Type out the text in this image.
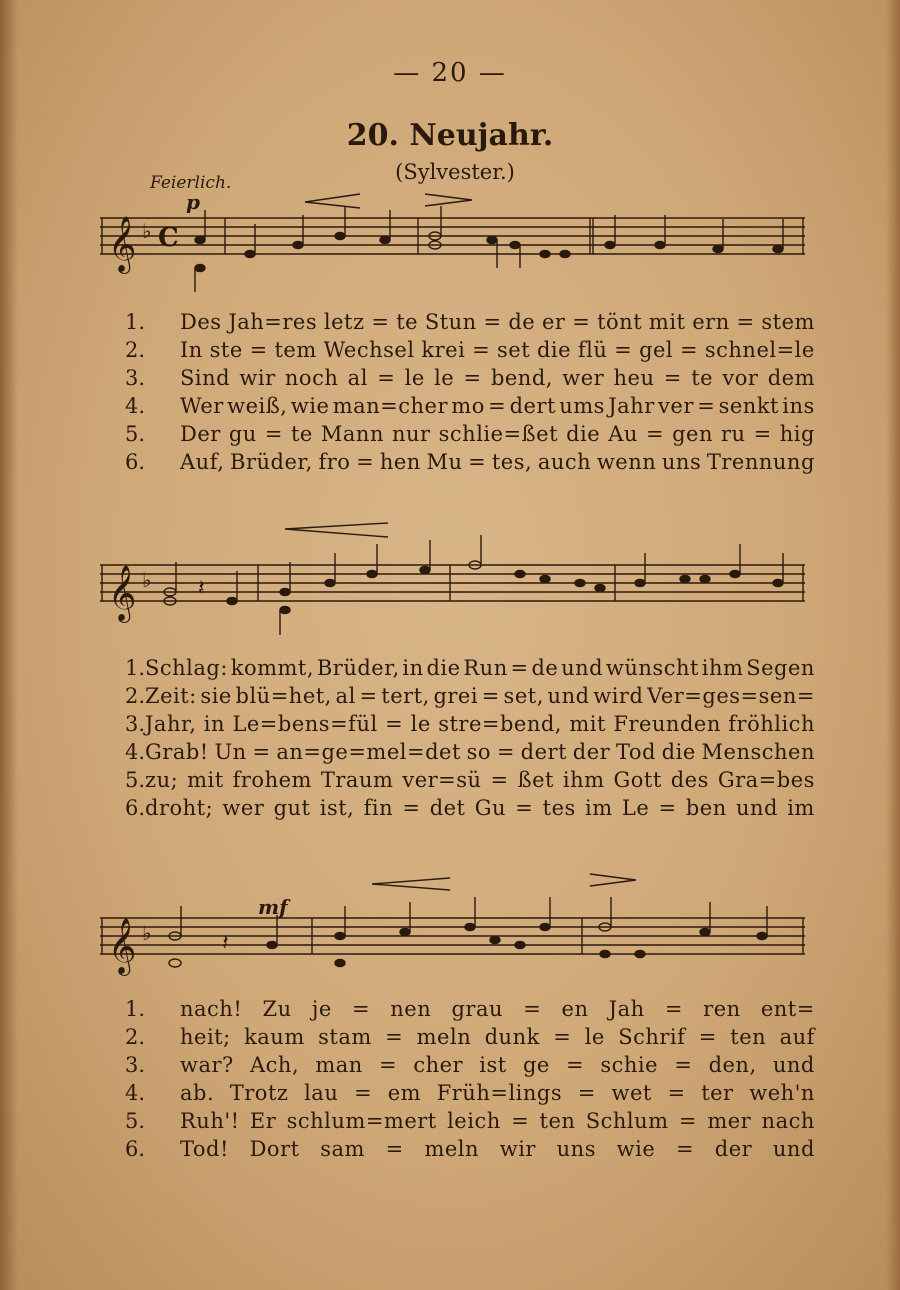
— 20 —
20. Neujahr.
(Sylvester.)
Feierlich.
p
mf
𝄞 ♭ C
1.	Des Jah=res letz = te Stun = de er = tönt mit ern = stem
2.	In ste = tem Wechsel krei = set die flü = gel = schnel=le
3.	Sind wir noch al = le le = bend, wer heu = te vor dem
4.	Wer weiß, wie man=cher mo = dert ums Jahr ver = senkt ins
5.	Der gu = te Mann nur schlie=ßet die Au = gen ru = hig
6.	Auf, Brüder, fro = hen Mu = tes, auch wenn uns Trennung
𝄞 ♭ 𝄽
1. Schlag: kommt, Brüder, in die Run = de und wünscht ihm Segen
2. Zeit: sie blü=het, al = tert, grei = set, und wird Ver=ges=sen=
3. Jahr, in Le=bens=fül = le stre=bend, mit Freunden fröhlich
4. Grab! Un = an=ge=mel=det so = dert der Tod die Menschen
5. zu; mit frohem Traum ver=sü = ßet ihm Gott des Gra=bes
6. droht; wer gut ist, fin = det Gu = tes im Le = ben und im
𝄞 ♭	𝄽
1.	nach! Zu je = nen grau = en Jah = ren ent=
2.	heit; kaum stam = meln dunk = le Schrif = ten auf
3.	war? Ach, man = cher ist ge = schie = den, und
4.	ab. Trotz lau = em Früh=lings = wet = ter weh'n
5.	Ruh'! Er schlum=mert leich = ten Schlum = mer nach
6.	Tod! Dort sam = meln wir uns wie = der und
